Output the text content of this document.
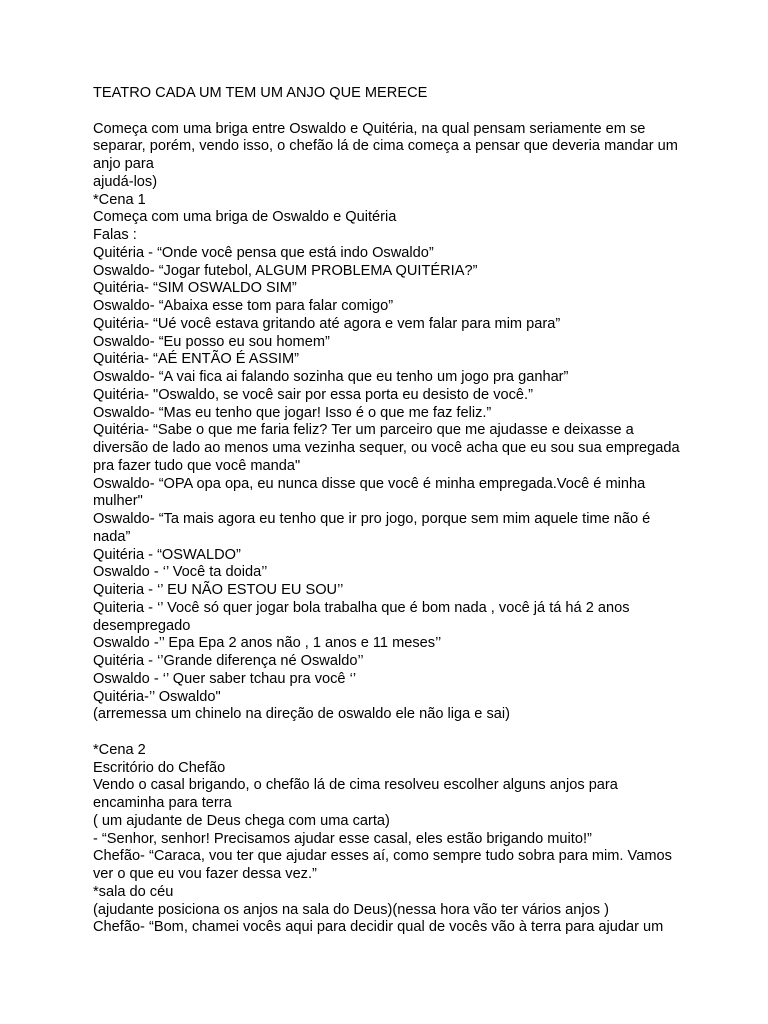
TEATRO CADA UM TEM UM ANJO QUE MERECE
Começa com uma briga entre Oswaldo e Quitéria, na qual pensam seriamente em se
separar, porém, vendo isso, o chefão lá de cima começa a pensar que deveria mandar um
anjo para
ajudá-los)
*Cena 1
Começa com uma briga de Oswaldo e Quitéria
Falas :
Quitéria - “Onde você pensa que está indo Oswaldo”
Oswaldo- “Jogar futebol, ALGUM PROBLEMA QUITÉRIA?”
Quitéria- “SIM OSWALDO SIM”
Oswaldo- “Abaixa esse tom para falar comigo”
Quitéria- “Ué você estava gritando até agora e vem falar para mim para”
Oswaldo- “Eu posso eu sou homem”
Quitéria- “AÉ ENTÃO É ASSIM”
Oswaldo- “A vai fica ai falando sozinha que eu tenho um jogo pra ganhar”
Quitéria- "Oswaldo, se você sair por essa porta eu desisto de você.”
Oswaldo- “Mas eu tenho que jogar! Isso é o que me faz feliz.”
Quitéria- “Sabe o que me faria feliz? Ter um parceiro que me ajudasse e deixasse a
diversão de lado ao menos uma vezinha sequer, ou você acha que eu sou sua empregada
pra fazer tudo que você manda"
Oswaldo- “OPA opa opa, eu nunca disse que você é minha empregada.Você é minha
mulher"
Oswaldo- “Ta mais agora eu tenho que ir pro jogo, porque sem mim aquele time não é
nada”
Quitéria - “OSWALDO”
Oswaldo - ‘’ Você ta doida’’
Quiteria - ‘’ EU NÃO ESTOU EU SOU’’
Quiteria - ‘’ Você só quer jogar bola trabalha que é bom nada , você já tá há 2 anos
desempregado
Oswaldo -’’ Epa Epa 2 anos não , 1 anos e 11 meses’’
Quitéria - ‘’Grande diferença né Oswaldo’’
Oswaldo - ‘’ Quer saber tchau pra você ‘’
Quitéria-’’ Oswaldo"
(arremessa um chinelo na direção de oswaldo ele não liga e sai)
*Cena 2
Escritório do Chefão
Vendo o casal brigando, o chefão lá de cima resolveu escolher alguns anjos para
encaminha para terra
( um ajudante de Deus chega com uma carta)
- “Senhor, senhor! Precisamos ajudar esse casal, eles estão brigando muito!”
Chefão- “Caraca, vou ter que ajudar esses aí, como sempre tudo sobra para mim. Vamos
ver o que eu vou fazer dessa vez.”
*sala do céu
(ajudante posiciona os anjos na sala do Deus)(nessa hora vão ter vários anjos )
Chefão- “Bom, chamei vocês aqui para decidir qual de vocês vão à terra para ajudar um
